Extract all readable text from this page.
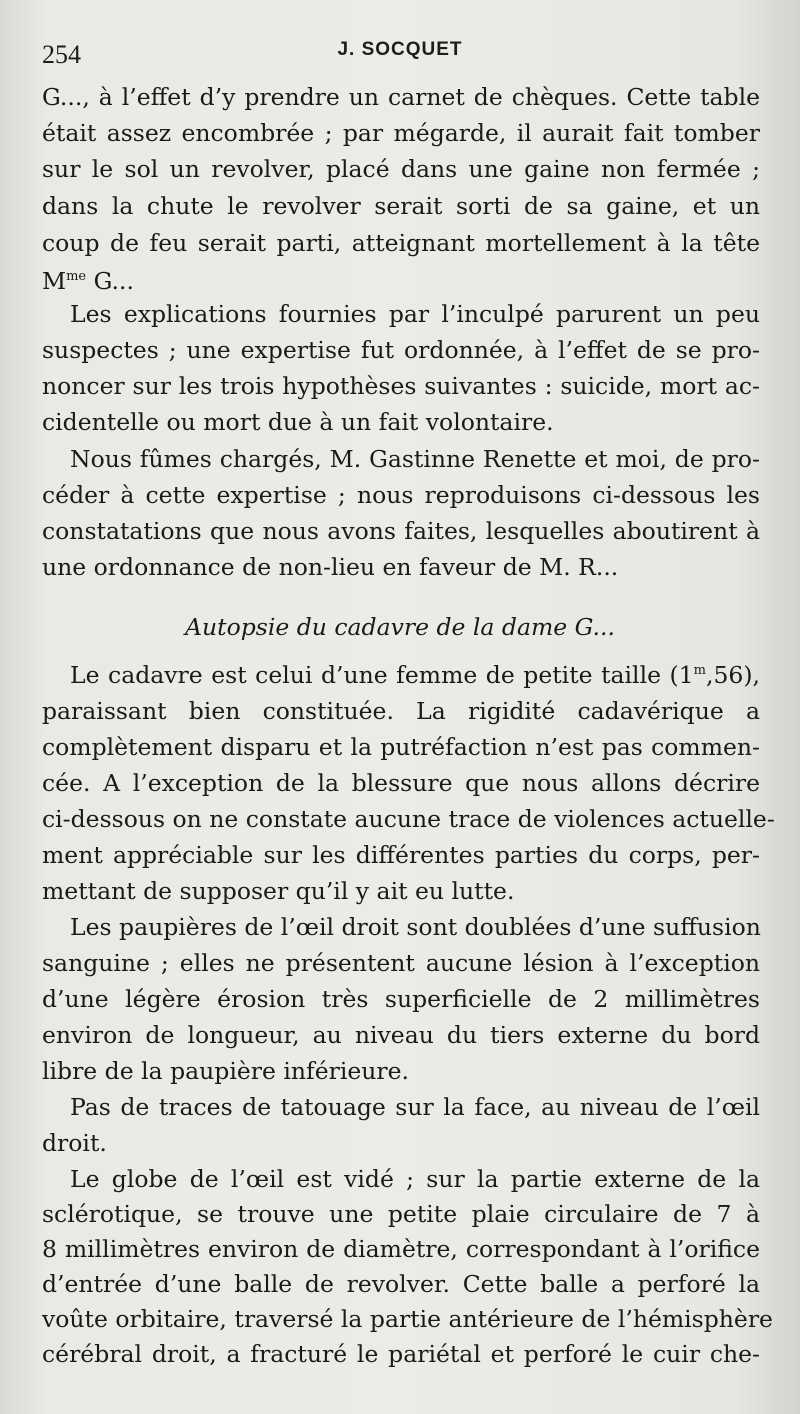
254	J. SOCQUET
G..., à l’effet d’y prendre un carnet de chèques. Cette table
était assez encombrée ; par mégarde, il aurait fait tomber
sur le sol un revolver, placé dans une gaine non fermée ;
dans la chute le revolver serait sorti de sa gaine, et un
coup de feu serait parti, atteignant mortellement à la tête
$M^{me}$ G...
Les explications fournies par l’inculpé parurent un peu
suspectes ; une expertise fut ordonnée, à l’effet de se pro-
noncer sur les trois hypothèses suivantes : suicide, mort ac-
cidentelle ou mort due à un fait volontaire.
Nous fûmes chargés, M. Gastinne Renette et moi, de pro-
céder à cette expertise ; nous reproduisons ci-dessous les
constatations que nous avons faites, lesquelles aboutirent à
une ordonnance de non-lieu en faveur de M. R...
Autopsie du cadavre de la dame G...
Le cadavre est celui d’une femme de petite taille (1$^m$,56),
paraissant bien constituée. La rigidité cadavérique a
complètement disparu et la putréfaction n’est pas commen-
cée. A l’exception de la blessure que nous allons décrire
ci-dessous on ne constate aucune trace de violences actuelle-
ment appréciable sur les différentes parties du corps, per-
mettant de supposer qu’il y ait eu lutte.
Les paupières de l’œil droit sont doublées d’une suffusion
sanguine ; elles ne présentent aucune lésion à l’exception
d’une légère érosion très superficielle de 2 millimètres
environ de longueur, au niveau du tiers externe du bord
libre de la paupière inférieure.
Pas de traces de tatouage sur la face, au niveau de l’œil
droit.
Le globe de l’œil est vidé ; sur la partie externe de la
sclérotique, se trouve une petite plaie circulaire de 7 à
8 millimètres environ de diamètre, correspondant à l’orifice
d’entrée d’une balle de revolver. Cette balle a perforé la
voûte orbitaire, traversé la partie antérieure de l’hémisphère
cérébral droit, a fracturé le pariétal et perforé le cuir che-
